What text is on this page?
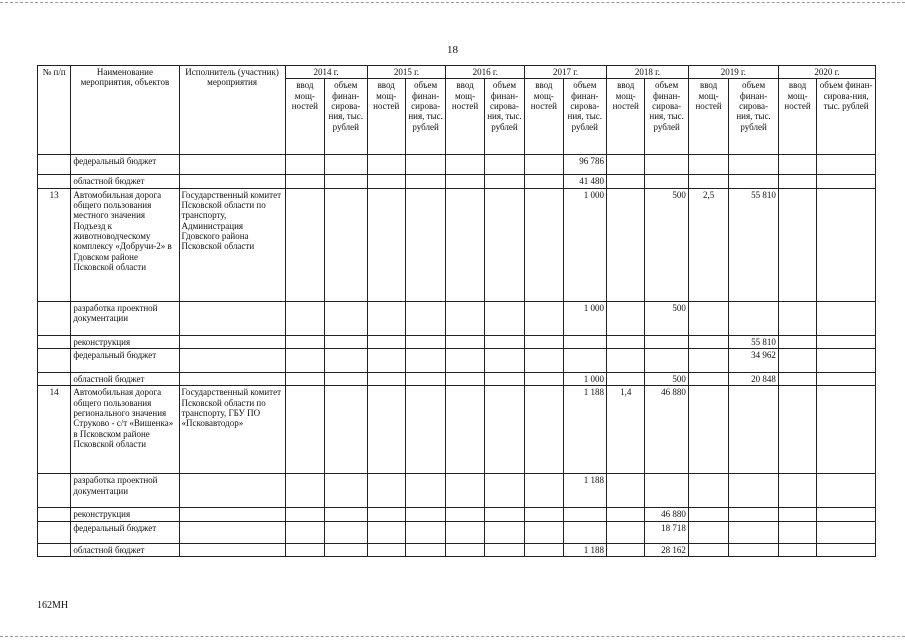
18
№ п/п	Наименование мероприятия, объектов	Исполнитель (участник) мероприятия	2014 г.		2015 г.		2016 г.		2017 г.		2018 г.		2019 г.		2020 г.	
			ввод мощ-ностей	объем финан-сирова-ния, тыс. рублей	ввод мощ-ностей	объем финан-сирова-ния, тыс. рублей	ввод мощ-ностей	объем финан-сирова-ния, тыс. рублей	ввод мощ-ностей	объем финан-сирова-ния, тыс. рублей	ввод мощ-ностей	объем финан-сирова-ния, тыс. рублей	ввод мощ-ностей	объем финан-сирова-ния, тыс. рублей	ввод мощ-ностей	объем финан-сирова-ния, тыс. рублей
	федеральный бюджет									96 786						
	областной бюджет									41 480						
13	Автомобильная дорога общего пользования местного значения Подъезд к животноводческому комплексу «Добручи-2» в Гдовском районе Псковской области	Государственный комитет Псковской области по транспорту, Администрация Гдовского района Псковской области								1 000		500	2,5	55 810		
	разработка проектной документации									1 000		500				
	реконструкция													55 810		
	федеральный бюджет													34 962		
	областной бюджет									1 000		500		20 848		
14	Автомобильная дорога общего пользования регионального значения Струково - с/т «Вишенка» в Псковском районе Псковской области	Государственный комитет Псковской области по транспорту, ГБУ ПО «Псковавтодор»								1 188	1,4	46 880				
	разработка проектной документации									1 188						
	реконструкция											46 880				
	федеральный бюджет											18 718				
	областной бюджет									1 188		28 162				
162МН
